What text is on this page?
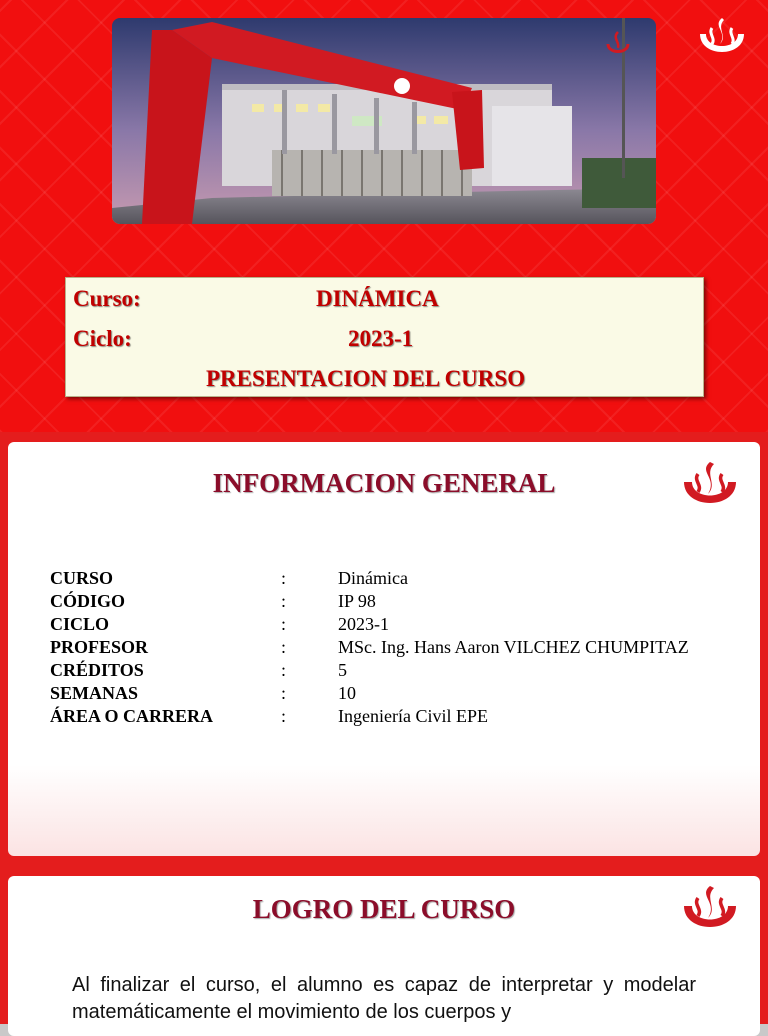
Curso:	DINÁMICA
Ciclo:	2023-1
PRESENTACION DEL CURSO
INFORMACION GENERAL
CURSO	:	Dinámica
CÓDIGO	:	IP 98
CICLO	:	2023-1
PROFESOR	:	MSc. Ing. Hans Aaron VILCHEZ CHUMPITAZ
CRÉDITOS	:	5
SEMANAS	:	10
ÁREA O CARRERA	:	Ingeniería Civil EPE
LOGRO DEL CURSO
Al finalizar el curso, el alumno es capaz de interpretar y modelar matemáticamente el movimiento de los cuerpos y
